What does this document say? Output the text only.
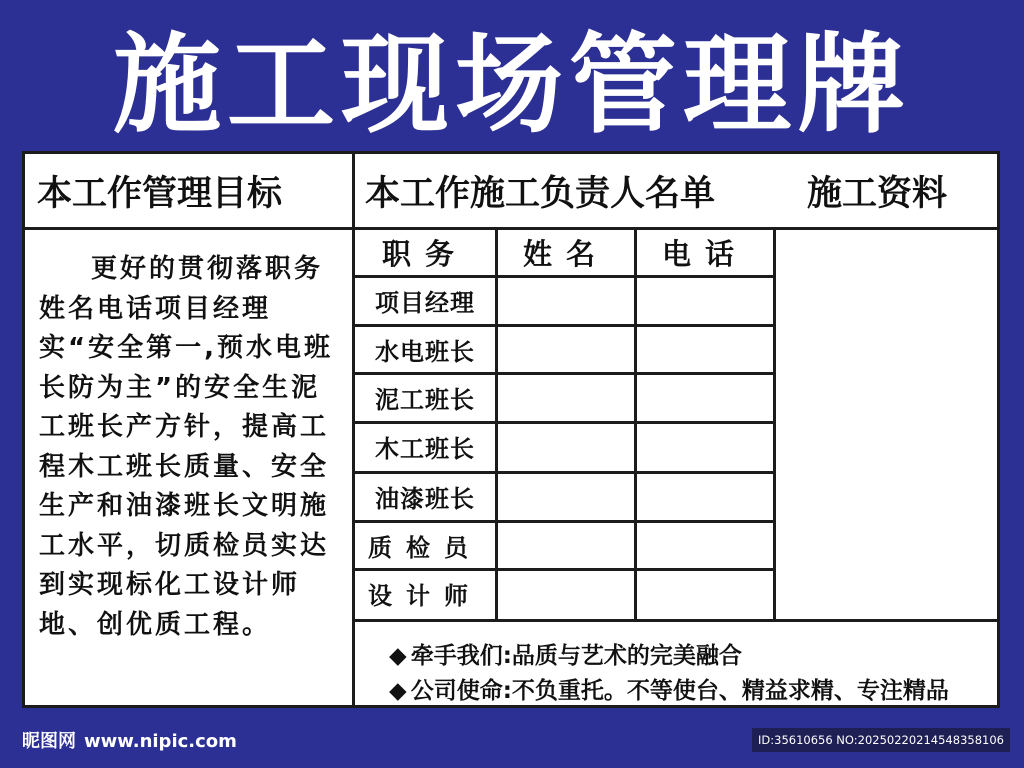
施工现场管理牌
本工作管理目标 本工作施工负责人名单	施工资料
更好的贯彻落职务姓名电话项目经理实“安全第一,预水电班长防为主”的安全生泥工班长产方针，提高工程木工班长质量、安全生产和油漆班长文明施工水平，切质检员实达到实现标化工设计师地、创优质工程。
职务	姓名	电话
项目经理
水电班长
泥工班长
木工班长
油漆班长
质检员
设计师
◆ 牵手我们:品质与艺术的完美融合
◆ 公司使命:不负重托。不等使台、精益求精、专注精品
昵图网 www.nipic.com	ID:35610656 NO:20250220214548358106
